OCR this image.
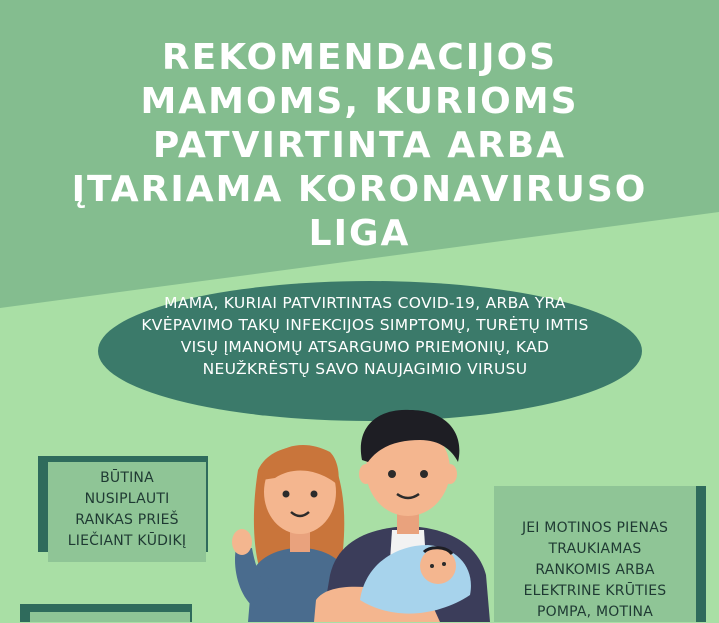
REKOMENDACIJOS
MAMOMS, KURIOMS
PATVIRTINTA ARBA
ĮTARIAMA KORONAVIRUSO
LIGA
MAMA, KURIAI PATVIRTINTAS COVID-19, ARBA YRA
KVĖPAVIMO TAKŲ INFEKCIJOS SIMPTOMŲ, TURĖTŲ IMTIS
VISŲ ĮMANOMŲ ATSARGUMO PRIEMONIŲ, KAD
NEUŽKRĖSTŲ SAVO NAUJAGIMIO VIRUSU
BŪTINA
NUSIPLAUTI
RANKAS PRIEŠ
LIEČIANT KŪDIKĮ
JEI MOTINOS PIENAS
TRAUKIAMAS
RANKOMIS ARBA
ELEKTRINE KRŪTIES
POMPA, MOTINA
